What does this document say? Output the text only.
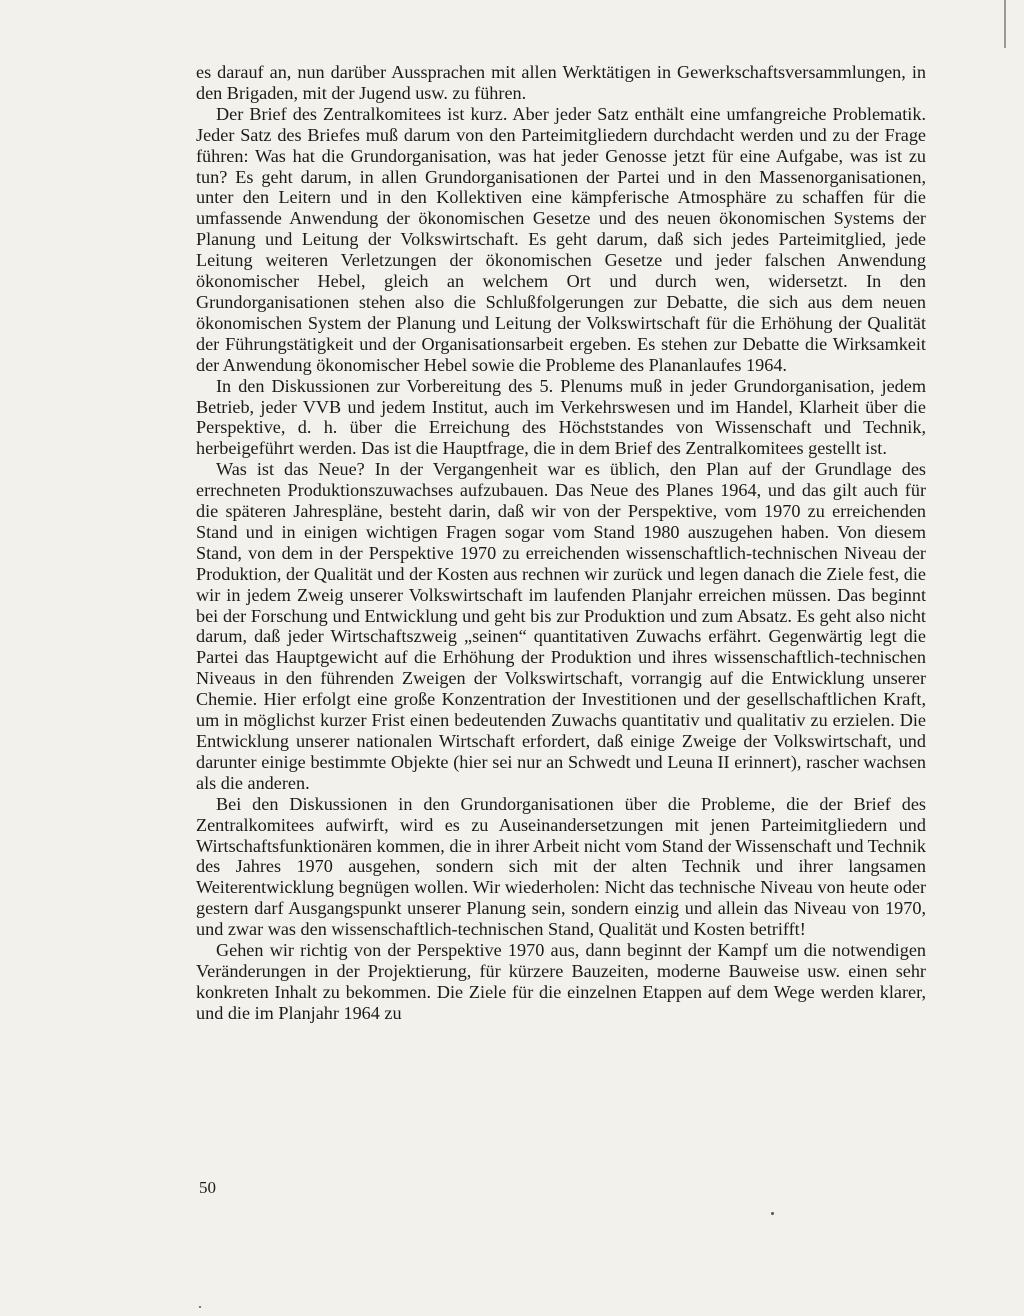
es darauf an, nun darüber Aussprachen mit allen Werktätigen in Gewerkschaftsversammlungen, in den Brigaden, mit der Jugend usw. zu führen.

Der Brief des Zentralkomitees ist kurz. Aber jeder Satz enthält eine umfangreiche Problematik. Jeder Satz des Briefes muß darum von den Parteimitgliedern durchdacht werden und zu der Frage führen: Was hat die Grundorganisation, was hat jeder Genosse jetzt für eine Aufgabe, was ist zu tun? Es geht darum, in allen Grundorganisationen der Partei und in den Massenorganisationen, unter den Leitern und in den Kollektiven eine kämpferische Atmosphäre zu schaffen für die umfassende Anwendung der ökonomischen Gesetze und des neuen ökonomischen Systems der Planung und Leitung der Volkswirtschaft. Es geht darum, daß sich jedes Parteimitglied, jede Leitung weiteren Verletzungen der ökonomischen Gesetze und jeder falschen Anwendung ökonomischer Hebel, gleich an welchem Ort und durch wen, widersetzt. In den Grundorganisationen stehen also die Schlußfolgerungen zur Debatte, die sich aus dem neuen ökonomischen System der Planung und Leitung der Volkswirtschaft für die Erhöhung der Qualität der Führungstätigkeit und der Organisationsarbeit ergeben. Es stehen zur Debatte die Wirksamkeit der Anwendung ökonomischer Hebel sowie die Probleme des Plananlaufes 1964.

In den Diskussionen zur Vorbereitung des 5. Plenums muß in jeder Grundorganisation, jedem Betrieb, jeder VVB und jedem Institut, auch im Verkehrswesen und im Handel, Klarheit über die Perspektive, d. h. über die Erreichung des Höchststandes von Wissenschaft und Technik, herbeigeführt werden. Das ist die Hauptfrage, die in dem Brief des Zentralkomitees gestellt ist.

Was ist das Neue? In der Vergangenheit war es üblich, den Plan auf der Grundlage des errechneten Produktionszuwachses aufzubauen. Das Neue des Planes 1964, und das gilt auch für die späteren Jahrespläne, besteht darin, daß wir von der Perspektive, vom 1970 zu erreichenden Stand und in einigen wichtigen Fragen sogar vom Stand 1980 auszugehen haben. Von diesem Stand, von dem in der Perspektive 1970 zu erreichenden wissenschaftlich-technischen Niveau der Produktion, der Qualität und der Kosten aus rechnen wir zurück und legen danach die Ziele fest, die wir in jedem Zweig unserer Volkswirtschaft im laufenden Planjahr erreichen müssen. Das beginnt bei der Forschung und Entwicklung und geht bis zur Produktion und zum Absatz. Es geht also nicht darum, daß jeder Wirtschaftszweig „seinen“ quantitativen Zuwachs erfährt. Gegenwärtig legt die Partei das Hauptgewicht auf die Erhöhung der Produktion und ihres wissenschaftlich-technischen Niveaus in den führenden Zweigen der Volkswirtschaft, vorrangig auf die Entwicklung unserer Chemie. Hier erfolgt eine große Konzentration der Investitionen und der gesellschaftlichen Kraft, um in möglichst kurzer Frist einen bedeutenden Zuwachs quantitativ und qualitativ zu erzielen. Die Entwicklung unserer nationalen Wirtschaft erfordert, daß einige Zweige der Volkswirtschaft, und darunter einige bestimmte Objekte (hier sei nur an Schwedt und Leuna II erinnert), rascher wachsen als die anderen.

Bei den Diskussionen in den Grundorganisationen über die Probleme, die der Brief des Zentralkomitees aufwirft, wird es zu Auseinandersetzungen mit jenen Parteimitgliedern und Wirtschaftsfunktionären kommen, die in ihrer Arbeit nicht vom Stand der Wissenschaft und Technik des Jahres 1970 ausgehen, sondern sich mit der alten Technik und ihrer langsamen Weiterentwicklung begnügen wollen. Wir wiederholen: Nicht das technische Niveau von heute oder gestern darf Ausgangspunkt unserer Planung sein, sondern einzig und allein das Niveau von 1970, und zwar was den wissenschaftlich-technischen Stand, Qualität und Kosten betrifft!

Gehen wir richtig von der Perspektive 1970 aus, dann beginnt der Kampf um die notwendigen Veränderungen in der Projektierung, für kürzere Bauzeiten, moderne Bauweise usw. einen sehr konkreten Inhalt zu bekommen. Die Ziele für die einzelnen Etappen auf dem Wege werden klarer, und die im Planjahr 1964 zu

50
